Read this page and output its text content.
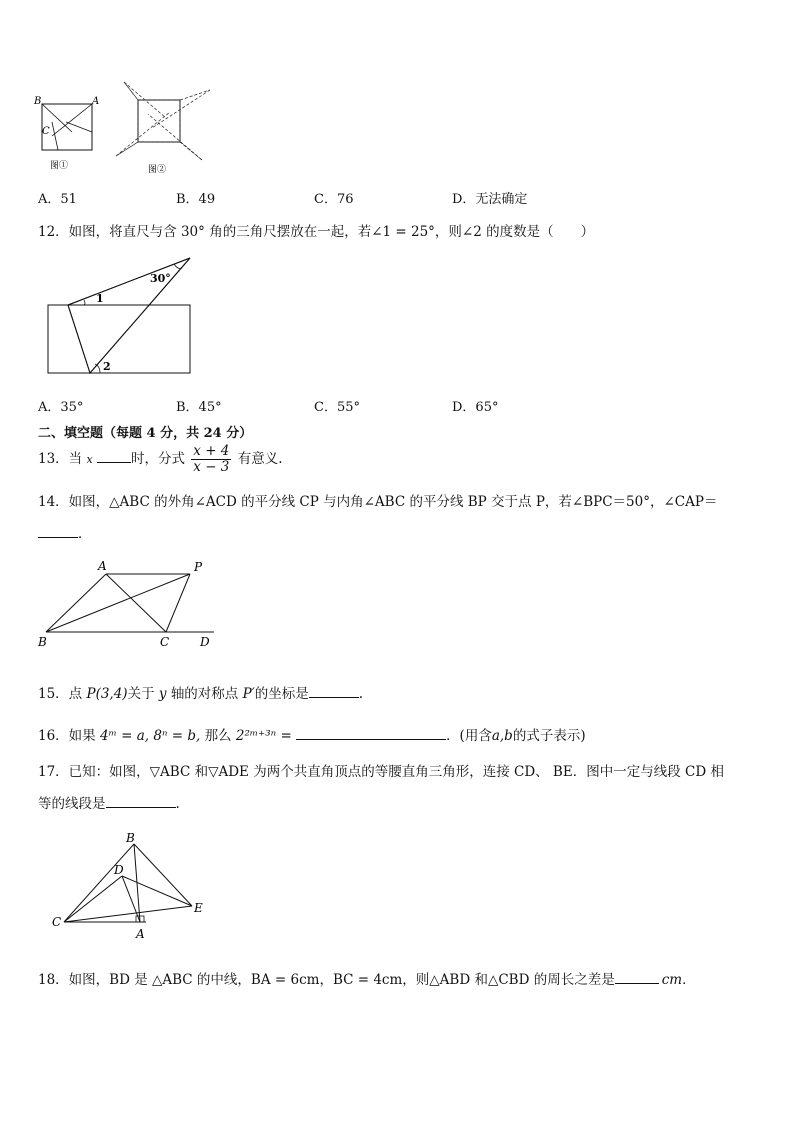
B	A
C
图①	图②
A．51	B．49	C．76	D．无法确定
12．如图，将直尺与含 30° 角的三角尺摆放在一起，若∠1 = 25°，则∠2 的度数是（　　）
30°
1
2
A．35°	B．45°	C．55°	D．65°
二、填空题（每题 4 分，共 24 分）
13．当 x	时，分式 $\frac{x + 4}{x - 3}$ 有意义.
14．如图，△ABC 的外角∠ACD 的平分线 CP 与内角∠ABC 的平分线 BP 交于点 P，若∠BPC＝50°，∠CAP＝
．
A	P
B	C	D
15．点 P(3,4)关于 y 轴的对称点 P′的坐标是	.
16．如果 4ᵐ = a, 8ⁿ = b, 那么 2²ᵐ⁺³ⁿ =	．(用含a,b的式子表示)
17．已知：如图，▽ABC 和▽ADE 为两个共直角顶点的等腰直角三角形，连接 CD、 BE．图中一定与线段 CD 相
等的线段是	.
B
D
C
A
E
18．如图，BD 是 △ABC 的中线，BA = 6cm，BC = 4cm，则△ABD 和△CBD 的周长之差是	cm．
